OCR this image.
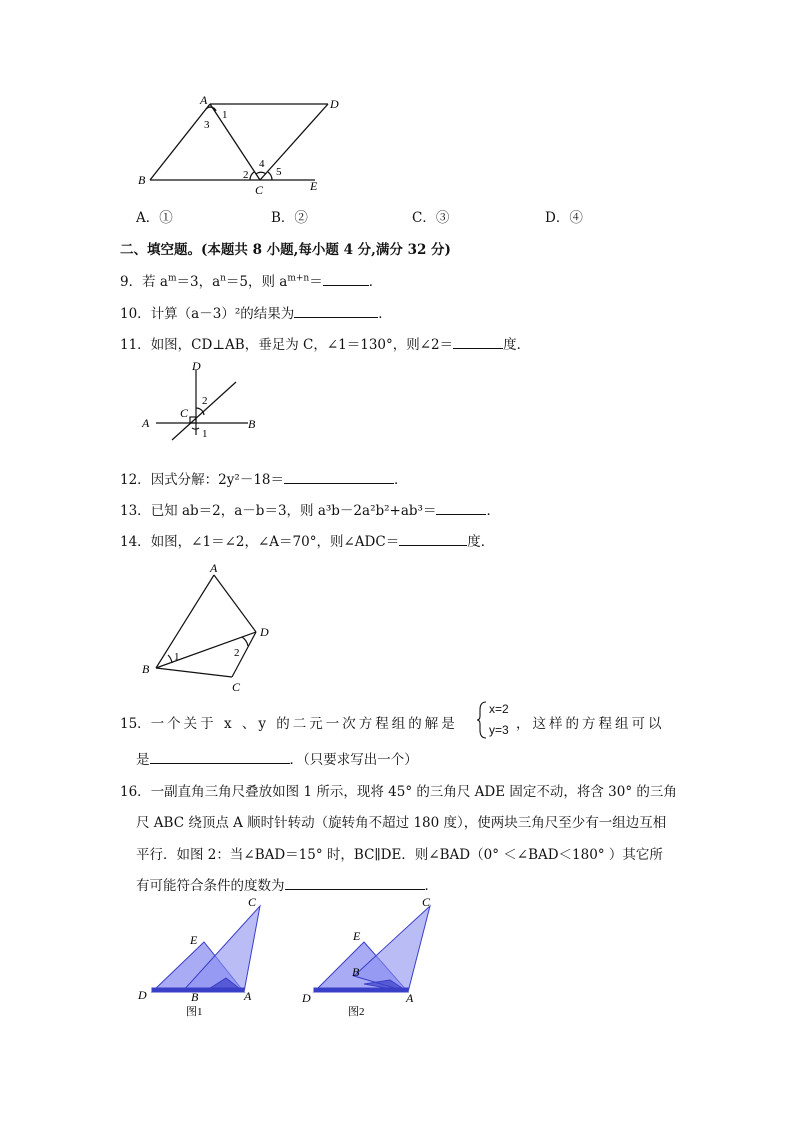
A	D
B
C	E
1
3
2
4
5
A．①	B．②	C．③	D．④
二、填空题。(本题共 8 小题,每小题 4 分,满分 32 分)
9．若 $a^m=3$，$a^n=5$，则 $a^{m+n}=$	．
10．计算（a－3）²的结果为	．
11．如图，CD⊥AB，垂足为 C，∠1＝130°，则∠2＝	度．
D
A	B
C
2
1
12．因式分解：2y²－18＝	．
13．已知 ab＝2，a－b＝3，则 a³b－2a²b²+ab³＝	．
14．如图，∠1＝∠2，∠A＝70°，则∠ADC＝	度．
A
B
C
D
1	2
15．一个关于 x 、y 的二元一次方程组的解是
x=2
y=3 ，这样的方程组可以
是	．（只要求写出一个）
16．一副直角三角尺叠放如图 1 所示，现将 45° 的三角尺 ADE 固定不动，将含 30° 的三角
尺 ABC 绕顶点 A 顺时针转动（旋转角不超过 180 度），使两块三角尺至少有一组边互相
平行．如图 2：当∠BAD＝15° 时，BC∥DE．则∠BAD（0° ＜∠BAD＜180° ）其它所
有可能符合条件的度数为	．
C
E
D	B	A
图1
C
E
D
B
A
图2
